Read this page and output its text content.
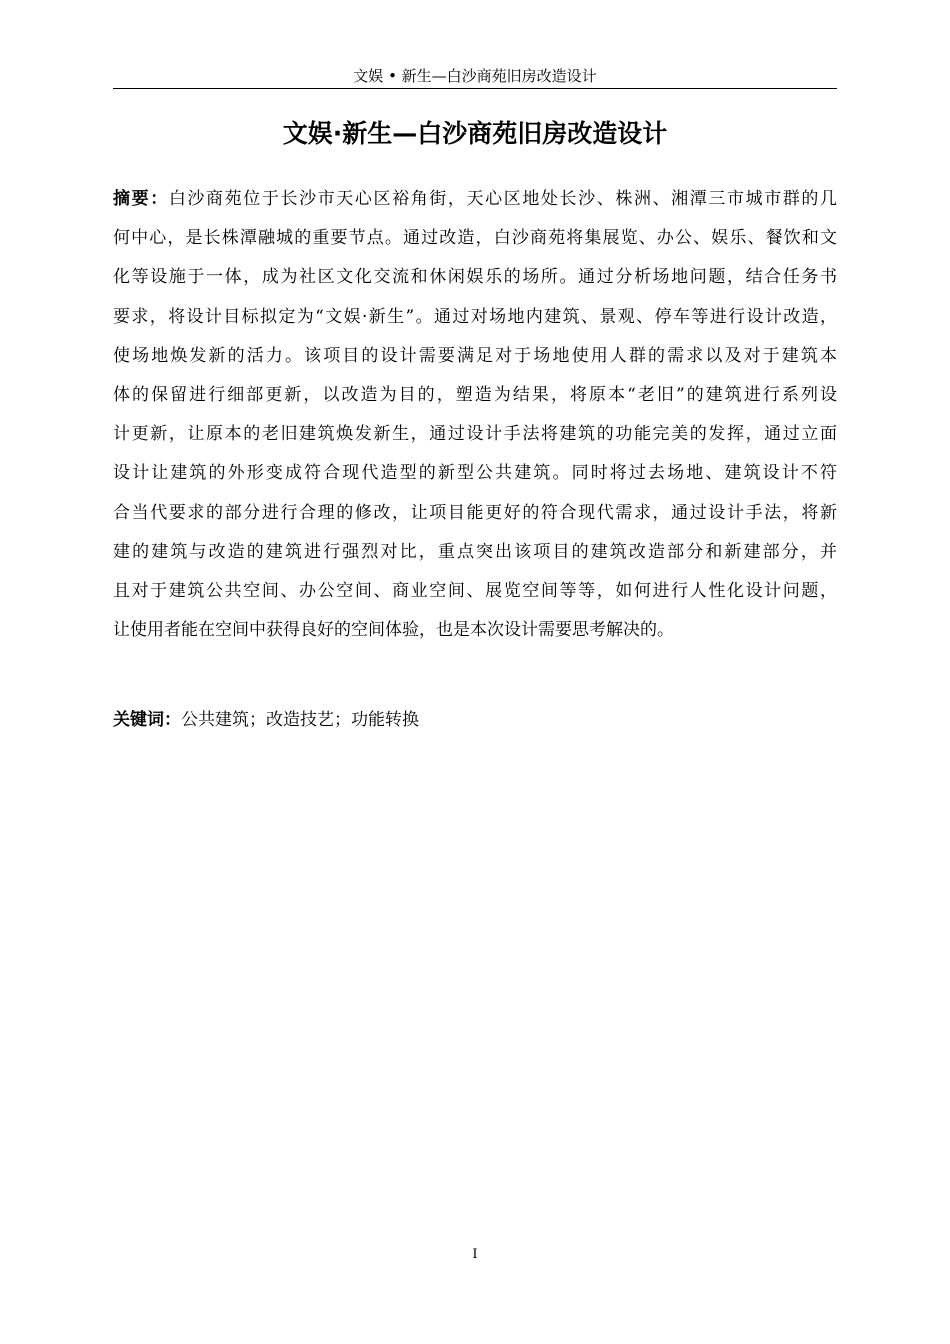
文娱 • 新生—白沙商苑旧房改造设计
文娱·新生—白沙商苑旧房改造设计
摘要：白沙商苑位于长沙市天心区裕角街，天心区地处长沙、株洲、湘潭三市城市群的几
何中心，是长株潭融城的重要节点。通过改造，白沙商苑将集展览、办公、娱乐、餐饮和文
化等设施于一体，成为社区文化交流和休闲娱乐的场所。通过分析场地问题，结合任务书
要求，将设计目标拟定为“文娱·新生”。通过对场地内建筑、景观、停车等进行设计改造，
使场地焕发新的活力。该项目的设计需要满足对于场地使用人群的需求以及对于建筑本
体的保留进行细部更新，以改造为目的，塑造为结果，将原本“老旧”的建筑进行系列设
计更新，让原本的老旧建筑焕发新生，通过设计手法将建筑的功能完美的发挥，通过立面
设计让建筑的外形变成符合现代造型的新型公共建筑。同时将过去场地、建筑设计不符
合当代要求的部分进行合理的修改，让项目能更好的符合现代需求，通过设计手法，将新
建的建筑与改造的建筑进行强烈对比，重点突出该项目的建筑改造部分和新建部分，并
且对于建筑公共空间、办公空间、商业空间、展览空间等等，如何进行人性化设计问题，
让使用者能在空间中获得良好的空间体验，也是本次设计需要思考解决的。
关键词：公共建筑；改造技艺；功能转换
I
